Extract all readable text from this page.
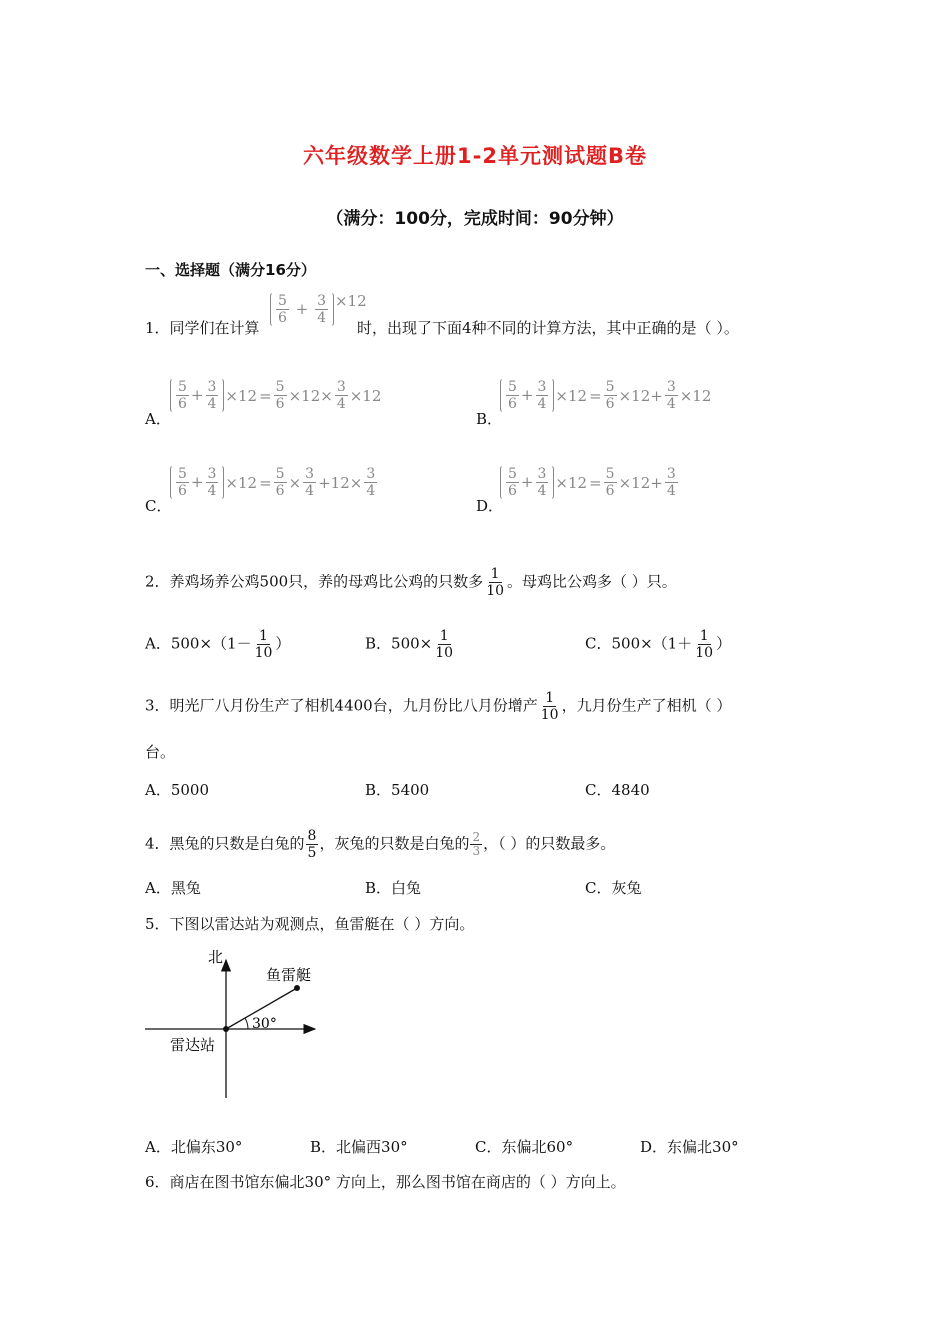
六年级数学上册1-2单元测试题B卷
（满分：100分，完成时间：90分钟）
一、选择题（满分16分）
1．同学们在计算
$\frac{5}{6} + \frac{3}{4} \times 12$
时，出现了下面4种不同的计算方法，其中正确的是（ ）。
A．
$\frac{5}{6} + \frac{3}{4} \times 12 = \frac{5}{6} \times 12\times \frac{3}{4} \times 12$
B．
$\frac{5}{6} + \frac{3}{4} \times 12 = \frac{5}{6} \times 12+ \frac{3}{4} \times 12$
C．
$\frac{5}{6} + \frac{3}{4} \times 12 = \frac{5}{6} \times \frac{3}{4} +12\times \frac{3}{4}$
D．
$\frac{5}{6} + \frac{3}{4} \times 12 = \frac{5}{6} \times 12+ \frac{3}{4}$
2．养鸡场养公鸡500只，养的母鸡比公鸡的只数多 $\frac{1}{10}$ 。母鸡比公鸡多（ ）只。
A．$500\times(1- \frac{1}{10}$ ）	B．$500\times \frac{1}{10}$	C．$500\times(1+ \frac{1}{10}$ ）
3．明光厂八月份生产了相机4400台，九月份比八月份增产 $\frac{1}{10}$ ，九月份生产了相机（ ）
台。
A．5000	B．5400	C．4840
4．黑兔的只数是白兔的 $\frac{8}{5}$ ，灰兔的只数是白兔的 $\frac{2}{3}$ ，（ ）的只数最多。
A．黑兔	B．白兔	C．灰兔
5．下图以雷达站为观测点，鱼雷艇在（ ）方向。
北
鱼雷艇
30°
雷达站
A．北偏东30°	B．北偏西30°	C．东偏北60°	D．东偏北30°
6．商店在图书馆东偏北30° 方向上，那么图书馆在商店的（ ）方向上。
